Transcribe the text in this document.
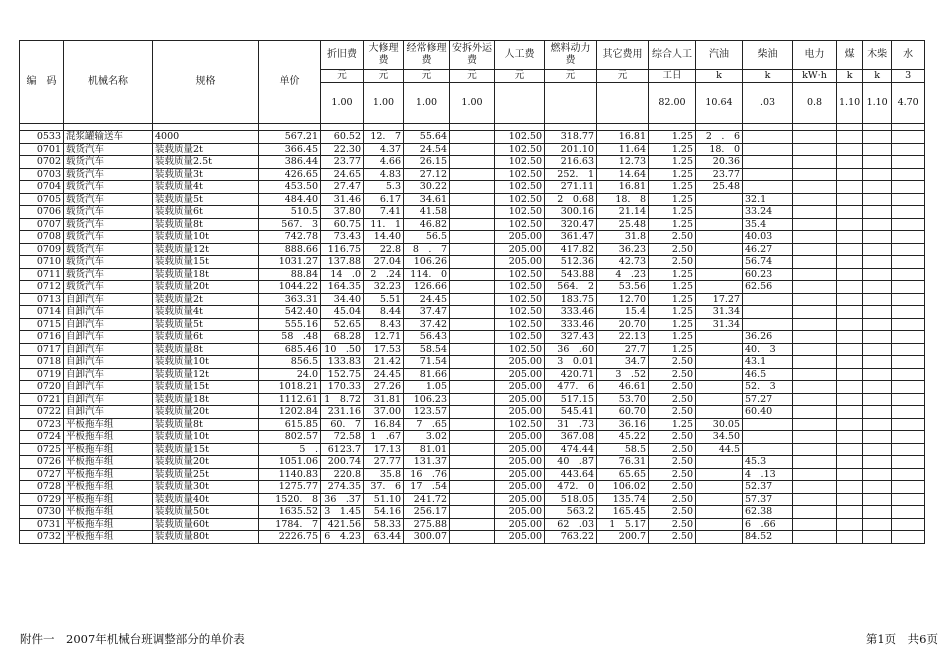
编　码	机械名称	规格	单价	折旧费	大修理费	经常修理费	安拆外运费	人工费	燃料动力费	其它费用	综合人工	汽油	柴油	电力	煤	木柴	水
				元	元	元	元	元	元	元	工日	k	k	kW·h	k	k	3
				1.00	1.00	1.00	1.00				82.00	10.64	.03	0.8	1.10	1.10	4.70

0533	混浆罐输送车	4000	567.21	60.52	12.　7	55.64		102.50	318.77	16.81	1.25	2　.　6					
0701	载货汽车	装载质量2t	366.45	22.30	4.37	24.54		102.50	201.10	11.64	1.25	18.　0					
0702	载货汽车	装载质量2.5t	386.44	23.77	4.66	26.15		102.50	216.63	12.73	1.25	20.36					
0703	载货汽车	装载质量3t	426.65	24.65	4.83	27.12		102.50	252.　1	14.64	1.25	23.77					
0704	载货汽车	装载质量4t	453.50	27.47	5.3	30.22		102.50	271.11	16.81	1.25	25.48					
0705	载货汽车	装载质量5t	484.40	31.46	6.17	34.61		102.50	2　0.68	18.　8	1.25		32.1				
0706	载货汽车	装载质量6t	510.5	37.80	7.41	41.58		102.50	300.16	21.14	1.25		33.24				
0707	载货汽车	装载质量8t	567.　3	60.75	11.　1	46.82		102.50	320.47	25.48	1.25		35.4				
0708	载货汽车	装载质量10t	742.78	73.43	14.40	56.5		205.00	361.47	31.8	2.50		40.03				
0709	载货汽车	装载质量12t	888.66	116.75	22.8	8　.　7		205.00	417.82	36.23	2.50		46.27				
0710	载货汽车	装载质量15t	1031.27	137.88	27.04	106.26		205.00	512.36	42.73	2.50		56.74				
0711	载货汽车	装载质量18t	88.84	14　.0	2　.24	114.　0		102.50	543.88	4　.23	1.25		60.23				
0712	载货汽车	装载质量20t	1044.22	164.35	32.23	126.66		102.50	564.　2	53.56	1.25		62.56				
0713	自卸汽车	装载质量2t	363.31	34.40	5.51	24.45		102.50	183.75	12.70	1.25	17.27					
0714	自卸汽车	装载质量4t	542.40	45.04	8.44	37.47		102.50	333.46	15.4	1.25	31.34					
0715	自卸汽车	装载质量5t	555.16	52.65	8.43	37.42		102.50	333.46	20.70	1.25	31.34					
0716	自卸汽车	装载质量6t	58　.48	68.28	12.71	56.43		102.50	327.43	22.13	1.25		36.26				
0717	自卸汽车	装载质量8t	685.46	10　.50	17.53	58.54		102.50	36　.60	27.7	1.25		40.　3				
0718	自卸汽车	装载质量10t	856.5	133.83	21.42	71.54		205.00	3　0.01	34.7	2.50		43.1				
0719	自卸汽车	装载质量12t	24.0	152.75	24.45	81.66		205.00	420.71	3　.52	2.50		46.5				
0720	自卸汽车	装载质量15t	1018.21	170.33	27.26	1.05		205.00	477.　6	46.61	2.50		52.　3				
0721	自卸汽车	装载质量18t	1112.61	1　8.72	31.81	106.23		205.00	517.15	53.70	2.50		57.27				
0722	自卸汽车	装载质量20t	1202.84	231.16	37.00	123.57		205.00	545.41	60.70	2.50		60.40				
0723	平板拖车组	装载质量8t	615.85	60.　7	16.84	7　.65		102.50	31　.73	36.16	1.25	30.05					
0724	平板拖车组	装载质量10t	802.57	72.58	1　.67	3.02		205.00	367.08	45.22	2.50	34.50					
0725	平板拖车组	装载质量15t	5　.	6123.7	17.13	81.01		205.00	474.44	58.5	2.50	44.5					
0726	平板拖车组	装载质量20t	1051.06	200.74	27.77	131.37		205.00	40　.87	76.31	2.50		45.3				
0727	平板拖车组	装载质量25t	1140.83	220.8	35.8	16　.76		205.00	443.64	65.65	2.50		4　.13				
0728	平板拖车组	装载质量30t	1275.77	274.35	37.　6	17　.54		205.00	472.　0	106.02	2.50		52.37				
0729	平板拖车组	装载质量40t	1520.　8	36　.37	51.10	241.72		205.00	518.05	135.74	2.50		57.37				
0730	平板拖车组	装载质量50t	1635.52	3　1.45	54.16	256.17		205.00	563.2	165.45	2.50		62.38				
0731	平板拖车组	装载质量60t	1784.　7	421.56	58.33	275.88		205.00	62　.03	1　5.17	2.50		6　.66				
0732	平板拖车组	装载质量80t	2226.75	6　4.23	63.44	300.07		205.00	763.22	200.7	2.50		84.52				
附件一　2007年机械台班调整部分的单价表	第1页　共6页
